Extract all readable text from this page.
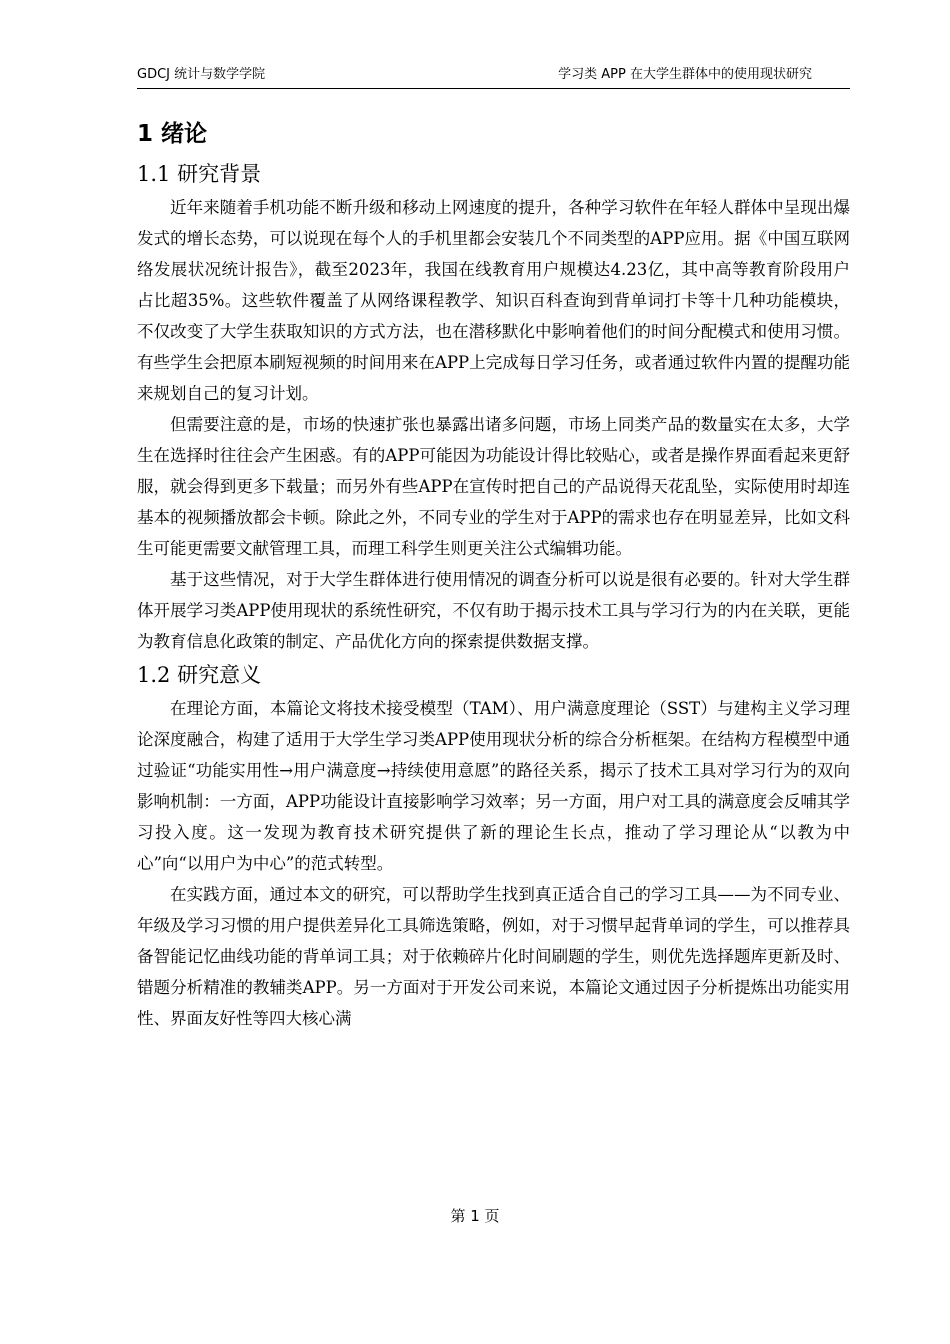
GDCJ 统计与数学学院	学习类 APP 在大学生群体中的使用现状研究
1 绪论
1.1 研究背景

近年来随着手机功能不断升级和移动上网速度的提升，各种学习软件在年轻人群体中呈现出爆发式的增长态势，可以说现在每个人的手机里都会安装几个不同类型的APP应用。据《中国互联网络发展状况统计报告》，截至2023年，我国在线教育用户规模达4.23亿，其中高等教育阶段用户占比超35%。这些软件覆盖了从网络课程教学、知识百科查询到背单词打卡等十几种功能模块，不仅改变了大学生获取知识的方式方法，也在潜移默化中影响着他们的时间分配模式和使用习惯。有些学生会把原本刷短视频的时间用来在APP上完成每日学习任务，或者通过软件内置的提醒功能来规划自己的复习计划。

但需要注意的是，市场的快速扩张也暴露出诸多问题，市场上同类产品的数量实在太多，大学生在选择时往往会产生困惑。有的APP可能因为功能设计得比较贴心，或者是操作界面看起来更舒服，就会得到更多下载量；而另外有些APP在宣传时把自己的产品说得天花乱坠，实际使用时却连基本的视频播放都会卡顿。除此之外，不同专业的学生对于APP的需求也存在明显差异，比如文科生可能更需要文献管理工具，而理工科学生则更关注公式编辑功能。

基于这些情况，对于大学生群体进行使用情况的调查分析可以说是很有必要的。针对大学生群体开展学习类APP使用现状的系统性研究，不仅有助于揭示技术工具与学习行为的内在关联，更能为教育信息化政策的制定、产品优化方向的探索提供数据支撑。

1.2 研究意义

在理论方面，本篇论文将技术接受模型（TAM）、用户满意度理论（SST）与建构主义学习理论深度融合，构建了适用于大学生学习类APP使用现状分析的综合分析框架。在结构方程模型中通过验证“功能实用性→用户满意度→持续使用意愿”的路径关系，揭示了技术工具对学习行为的双向影响机制：一方面，APP功能设计直接影响学习效率；另一方面，用户对工具的满意度会反哺其学习投入度。这一发现为教育技术研究提供了新的理论生长点，推动了学习理论从“以教为中心”向“以用户为中心”的范式转型。

在实践方面，通过本文的研究，可以帮助学生找到真正适合自己的学习工具——为不同专业、年级及学习习惯的用户提供差异化工具筛选策略，例如，对于习惯早起背单词的学生，可以推荐具备智能记忆曲线功能的背单词工具；对于依赖碎片化时间刷题的学生，则优先选择题库更新及时、错题分析精准的教辅类APP。另一方面对于开发公司来说，本篇论文通过因子分析提炼出功能实用性、界面友好性等四大核心满

第 1 页
